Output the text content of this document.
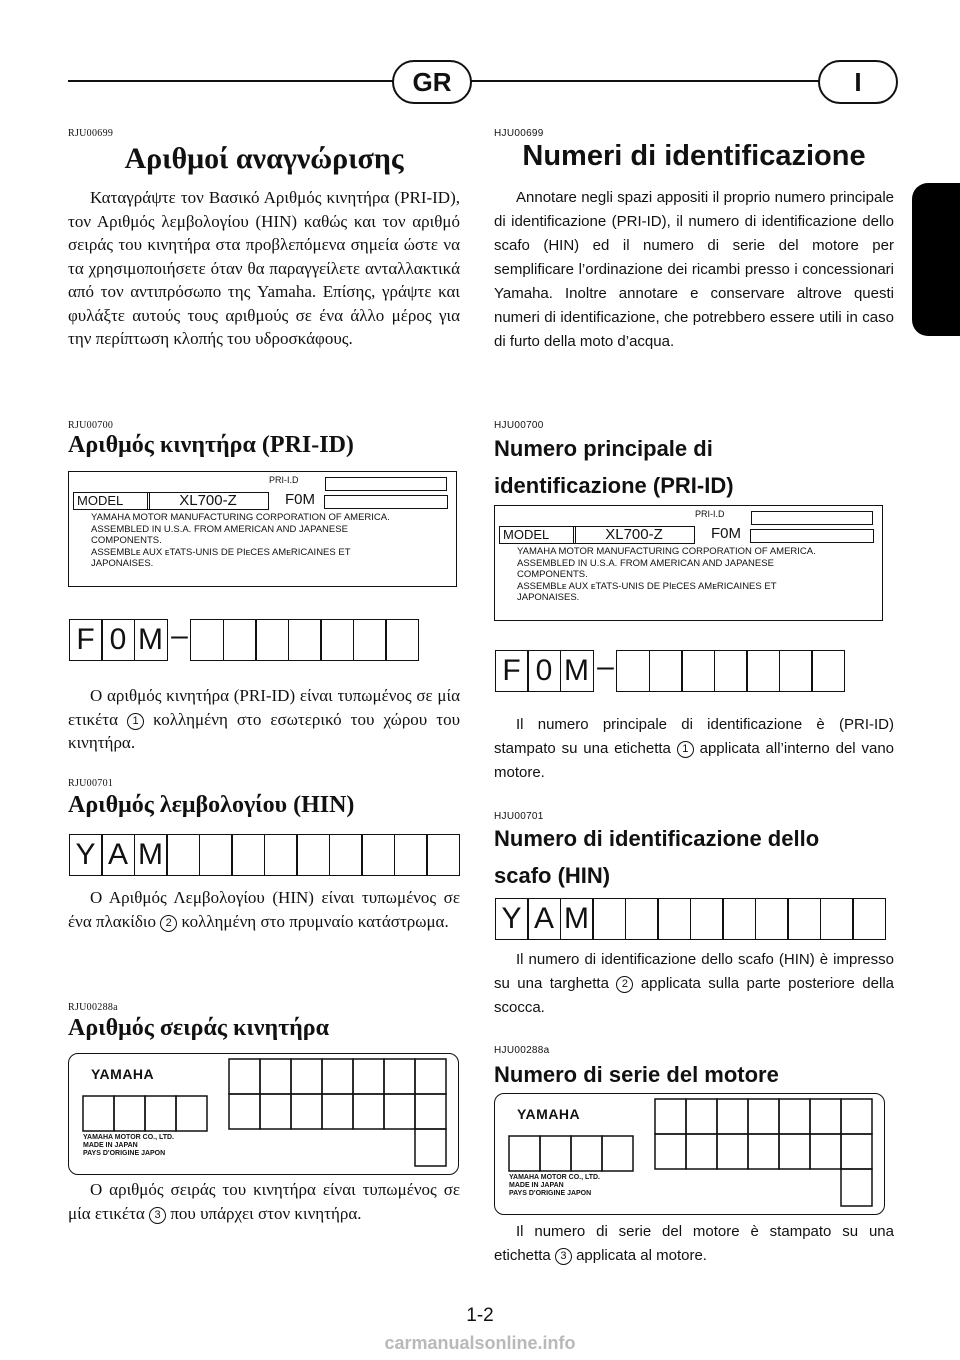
GR	I
RJU00699
Αριθμοί αναγνώρισης

Καταγράψτε τον Βασικό Αριθμός κινητήρα (PRI-ID), τον Αριθμός λεμβολογίου (HIN) καθώς και τον αριθμό σειράς του κινητήρα στα προβλεπόμενα σημεία ώστε να τα χρησιμοποιήσετε όταν θα παραγγείλετε ανταλλακτικά από τον αντιπρόσωπο της Yamaha. Επίσης, γράψτε και φυλάξτε αυτούς τους αριθμούς σε ένα άλλο μέρος για την περίπτωση κλοπής του υδροσκάφους.

RJU00700
Αριθμός κινητήρα (PRI-ID)
PRI-I.D
MODEL	XL700-Z	F0M
YAMAHA MOTOR MANUFACTURING CORPORATION OF AMERICA.
ASSEMBLED IN U.S.A. FROM AMERICAN AND JAPANESE
COMPONENTS.
ASSEMBLᴇ AUX ᴇTATS-UNIS DE PIᴇCES AMᴇRICAINES ET
JAPONAISES.
F 0 M –

Ο αριθμός κινητήρα (PRI-ID) είναι τυπωμένος σε μία ετικέτα 1 κολλημένη στο εσωτερικό του χώρου του κινητήρα.

RJU00701
Αριθμός λεμβολογίου (HIN)
Y A M

Ο Αριθμός Λεμβολογίου (HIN) είναι τυπωμένος σε ένα πλακίδιο 2 κολλημένη στο πρυμναίο κατάστρωμα.

RJU00288a
Αριθμός σειράς κινητήρα
YAMAHA
YAMAHA MOTOR CO., LTD.
MADE IN JAPAN
PAYS D'ORIGINE JAPON

Ο αριθμός σειράς του κινητήρα είναι τυπωμένος σε μία ετικέτα 3 που υπάρχει στον κινητήρα.

HJU00699
Numeri di identificazione

Annotare negli spazi appositi il proprio numero principale di identificazione (PRI-ID), il numero di identificazione dello scafo (HIN) ed il numero di serie del motore per semplificare l’ordinazione dei ricambi presso i concessionari Yamaha. Inoltre annotare e conservare altrove questi numeri di identificazione, che potrebbero essere utili in caso di furto della moto d’acqua.

HJU00700
Numero principale di
identificazione (PRI-ID)
PRI-I.D
MODEL	XL700-Z	F0M
YAMAHA MOTOR MANUFACTURING CORPORATION OF AMERICA.
ASSEMBLED IN U.S.A. FROM AMERICAN AND JAPANESE
COMPONENTS.
ASSEMBLᴇ AUX ᴇTATS-UNIS DE PIᴇCES AMᴇRICAINES ET
JAPONAISES.
F 0 M –

Il numero principale di identificazione è (PRI-ID) stampato su una etichetta 1 applicata all’interno del vano motore.

HJU00701
Numero di identificazione dello
scafo (HIN)
Y A M

Il numero di identificazione dello scafo (HIN) è impresso su una targhetta 2 applicata sulla parte posteriore della scocca.

HJU00288a
Numero di serie del motore
YAMAHA
YAMAHA MOTOR CO., LTD.
MADE IN JAPAN
PAYS D'ORIGINE JAPON

Il numero di serie del motore è stampato su una etichetta 3 applicata al motore.

1-2
carmanualsonline.info
